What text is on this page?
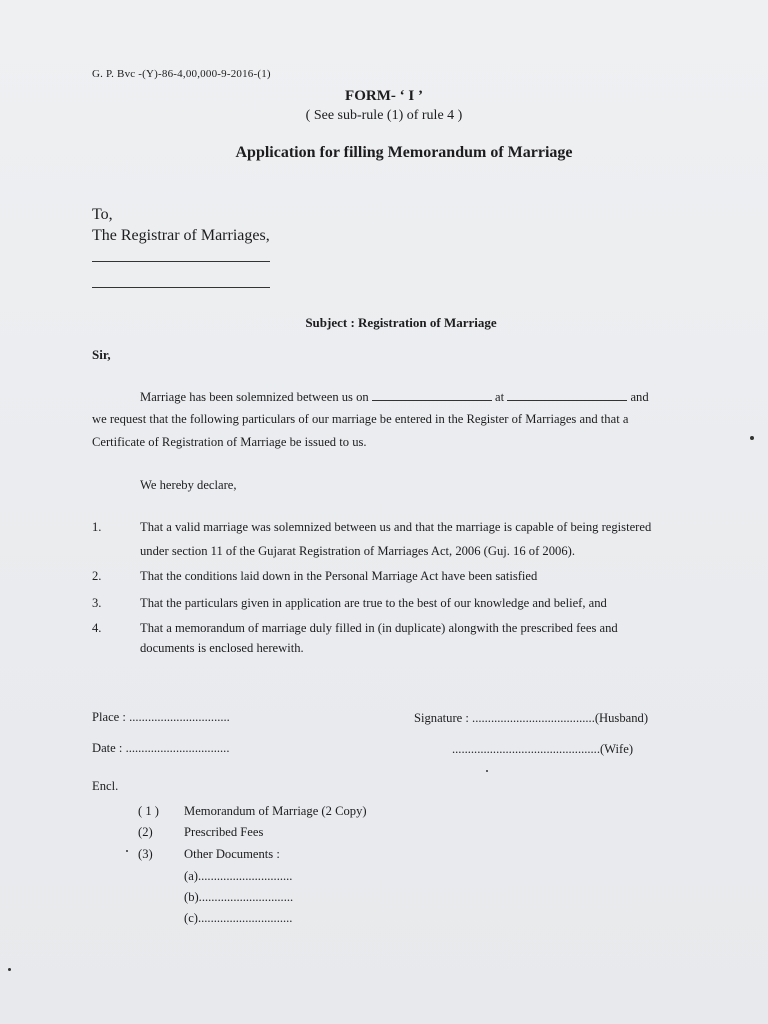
G. P. Bvc -(Y)-86-4,00,000-9-2016-(1)
FORM- ‘ I ’
( See sub-rule (1) of rule 4 )
Application for filling Memorandum of Marriage
To,
The Registrar of Marriages,
Subject : Registration of Marriage
Sir,
Marriage has been solemnized between us on	at	and
we request that the following particulars of our marriage be entered in the Register of Marriages and that a
Certificate of Registration of Marriage be issued to us.
We hereby declare,
1.	That a valid marriage was solemnized between us and that the marriage is capable of being registered
under section 11 of the Gujarat Registration of Marriages Act, 2006 (Guj. 16 of 2006).
2.	That the conditions laid down in the Personal Marriage Act have been satisfied
3.	That the particulars given in application are true to the best of our knowledge and belief, and
4.	That a memorandum of marriage duly filled in (in duplicate) alongwith the prescribed fees and
documents is enclosed herewith.
Place : ................................
Date : .................................
Signature : .......................................(Husband)
...............................................(Wife)
Encl.
( 1 ) Memorandum of Marriage (2 Copy)
(2) Prescribed Fees
(3) Other Documents :
(a)..............................
(b)..............................
(c)..............................
